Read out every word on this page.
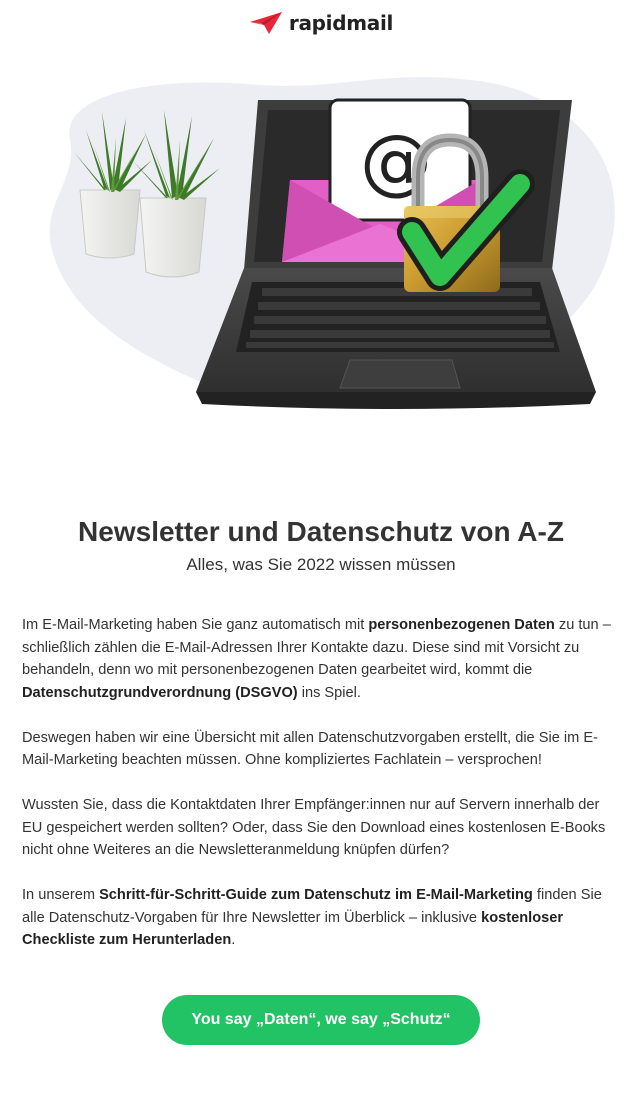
rapidmail
@
Newsletter und Datenschutz von A-Z
Alles, was Sie 2022 wissen müssen

Im E-Mail-Marketing haben Sie ganz automatisch mit personenbezogenen Daten zu tun – schließlich zählen die E-Mail-Adressen Ihrer Kontakte dazu. Diese sind mit Vorsicht zu behandeln, denn wo mit personenbezogenen Daten gearbeitet wird, kommt die Datenschutzgrundverordnung (DSGVO) ins Spiel.

Deswegen haben wir eine Übersicht mit allen Datenschutzvorgaben erstellt, die Sie im E-Mail-Marketing beachten müssen. Ohne kompliziertes Fachlatein – versprochen!

Wussten Sie, dass die Kontaktdaten Ihrer Empfänger:innen nur auf Servern innerhalb der EU gespeichert werden sollten? Oder, dass Sie den Download eines kostenlosen E-Books nicht ohne Weiteres an die Newsletteranmeldung knüpfen dürfen?

In unserem Schritt-für-Schritt-Guide zum Datenschutz im E-Mail-Marketing finden Sie alle Datenschutz-Vorgaben für Ihre Newsletter im Überblick – inklusive kostenloser Checkliste zum Herunterladen.

You say „Daten“, we say „Schutz“
